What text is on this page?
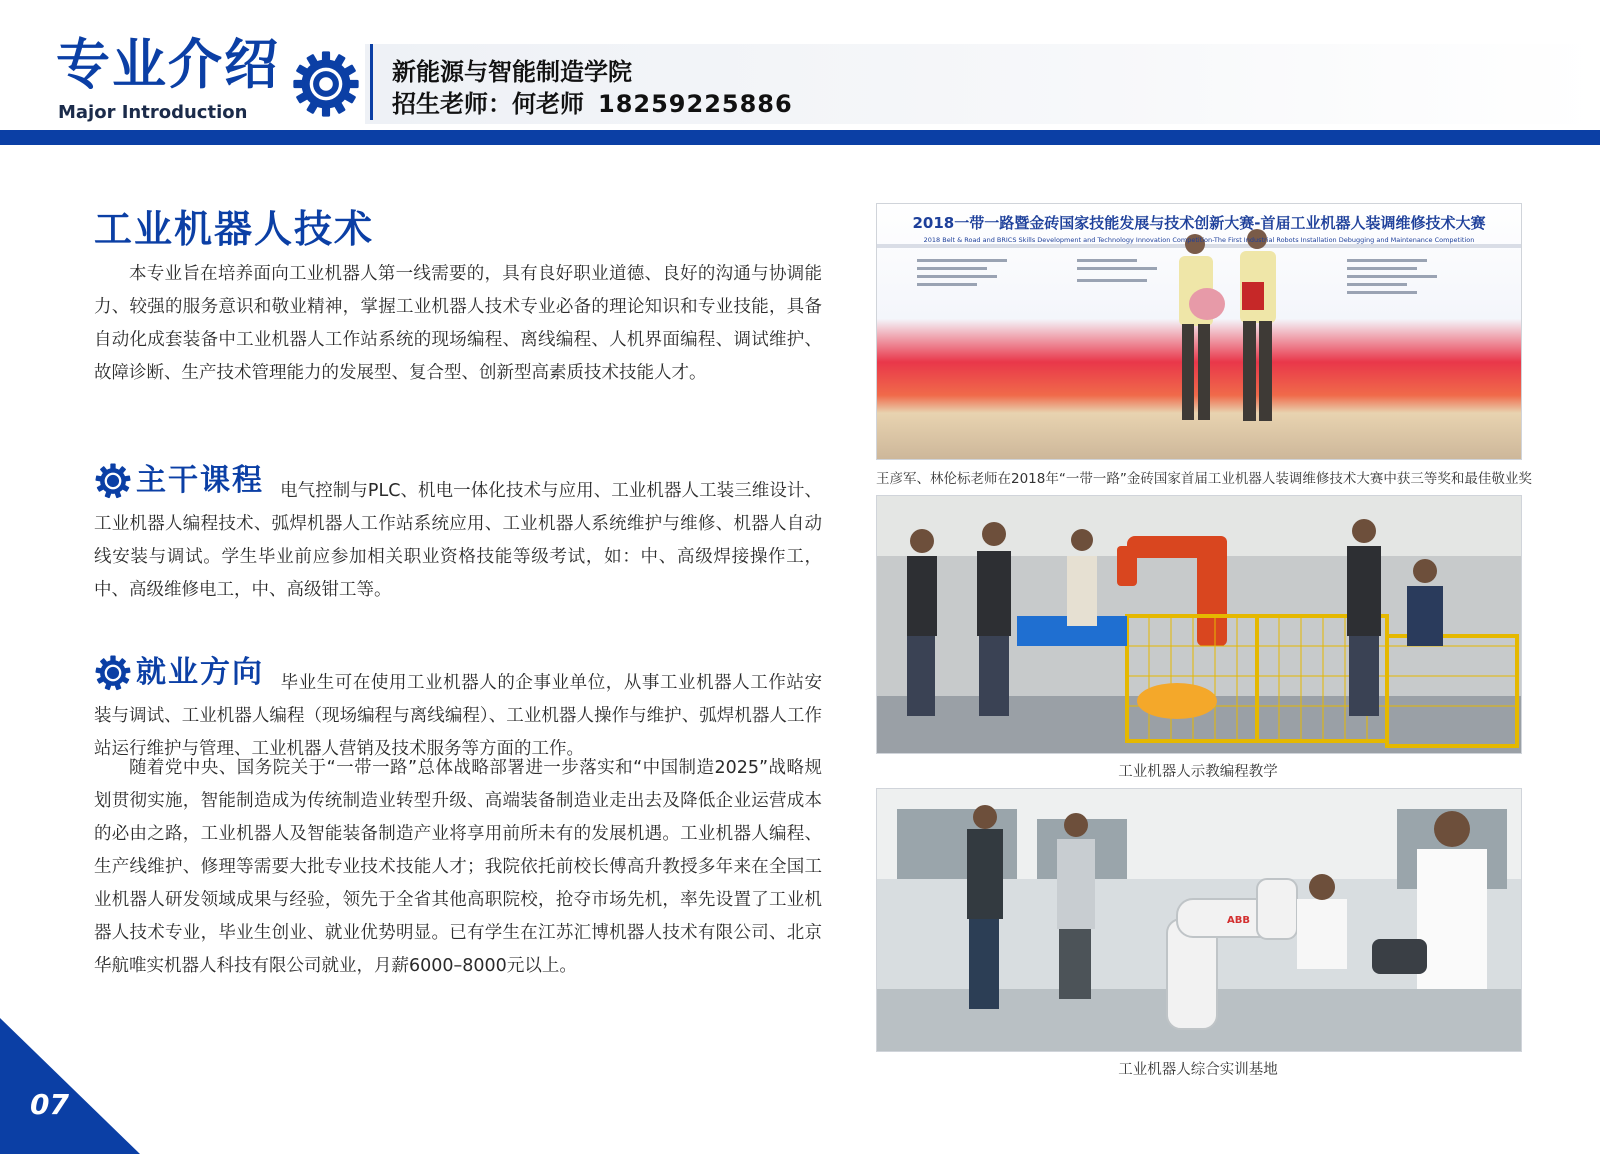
专业介绍
Major Introduction
新能源与智能制造学院
招生老师：何老师 18259225886
工业机器人技术

本专业旨在培养面向工业机器人第一线需要的，具有良好职业道德、良好的沟通与协调能力、较强的服务意识和敬业精神，掌握工业机器人技术专业必备的理论知识和专业技能，具备自动化成套装备中工业机器人工作站系统的现场编程、离线编程、人机界面编程、调试维护、故障诊断、生产技术管理能力的发展型、复合型、创新型高素质技术技能人才。

主干课程 电气控制与PLC、机电一体化技术与应用、工业机器人工装三维设计、工业机器人编程技术、弧焊机器人工作站系统应用、工业机器人系统维护与维修、机器人自动线安装与调试。学生毕业前应参加相关职业资格技能等级考试，如：中、高级焊接操作工，中、高级维修电工，中、高级钳工等。

就业方向 毕业生可在使用工业机器人的企事业单位，从事工业机器人工作站安装与调试、工业机器人编程（现场编程与离线编程）、工业机器人操作与维护、弧焊机器人工作站运行维护与管理、工业机器人营销及技术服务等方面的工作。

随着党中央、国务院关于“一带一路”总体战略部署进一步落实和“中国制造2025”战略规划贯彻实施，智能制造成为传统制造业转型升级、高端装备制造业走出去及降低企业运营成本的必由之路，工业机器人及智能装备制造产业将享用前所未有的发展机遇。工业机器人编程、生产线维护、修理等需要大批专业技术技能人才；我院依托前校长傅高升教授多年来在全国工业机器人研发领域成果与经验，领先于全省其他高职院校，抢夺市场先机，率先设置了工业机器人技术专业，毕业生创业、就业优势明显。已有学生在江苏汇博机器人技术有限公司、北京华航唯实机器人科技有限公司就业，月薪6000–8000元以上。

2018一带一路暨金砖国家技能发展与技术创新大赛-首届工业机器人装调维修技术大赛
2018 Belt & Road and BRICS Skills Development and Technology Innovation Competition-The First Industrial Robots Installation Debugging and Maintenance Competition
王彦军、林伦标老师在2018年“一带一路”金砖国家首届工业机器人装调维修技术大赛中获三等奖和最佳敬业奖
工业机器人示教编程教学
ABB
工业机器人综合实训基地
07
